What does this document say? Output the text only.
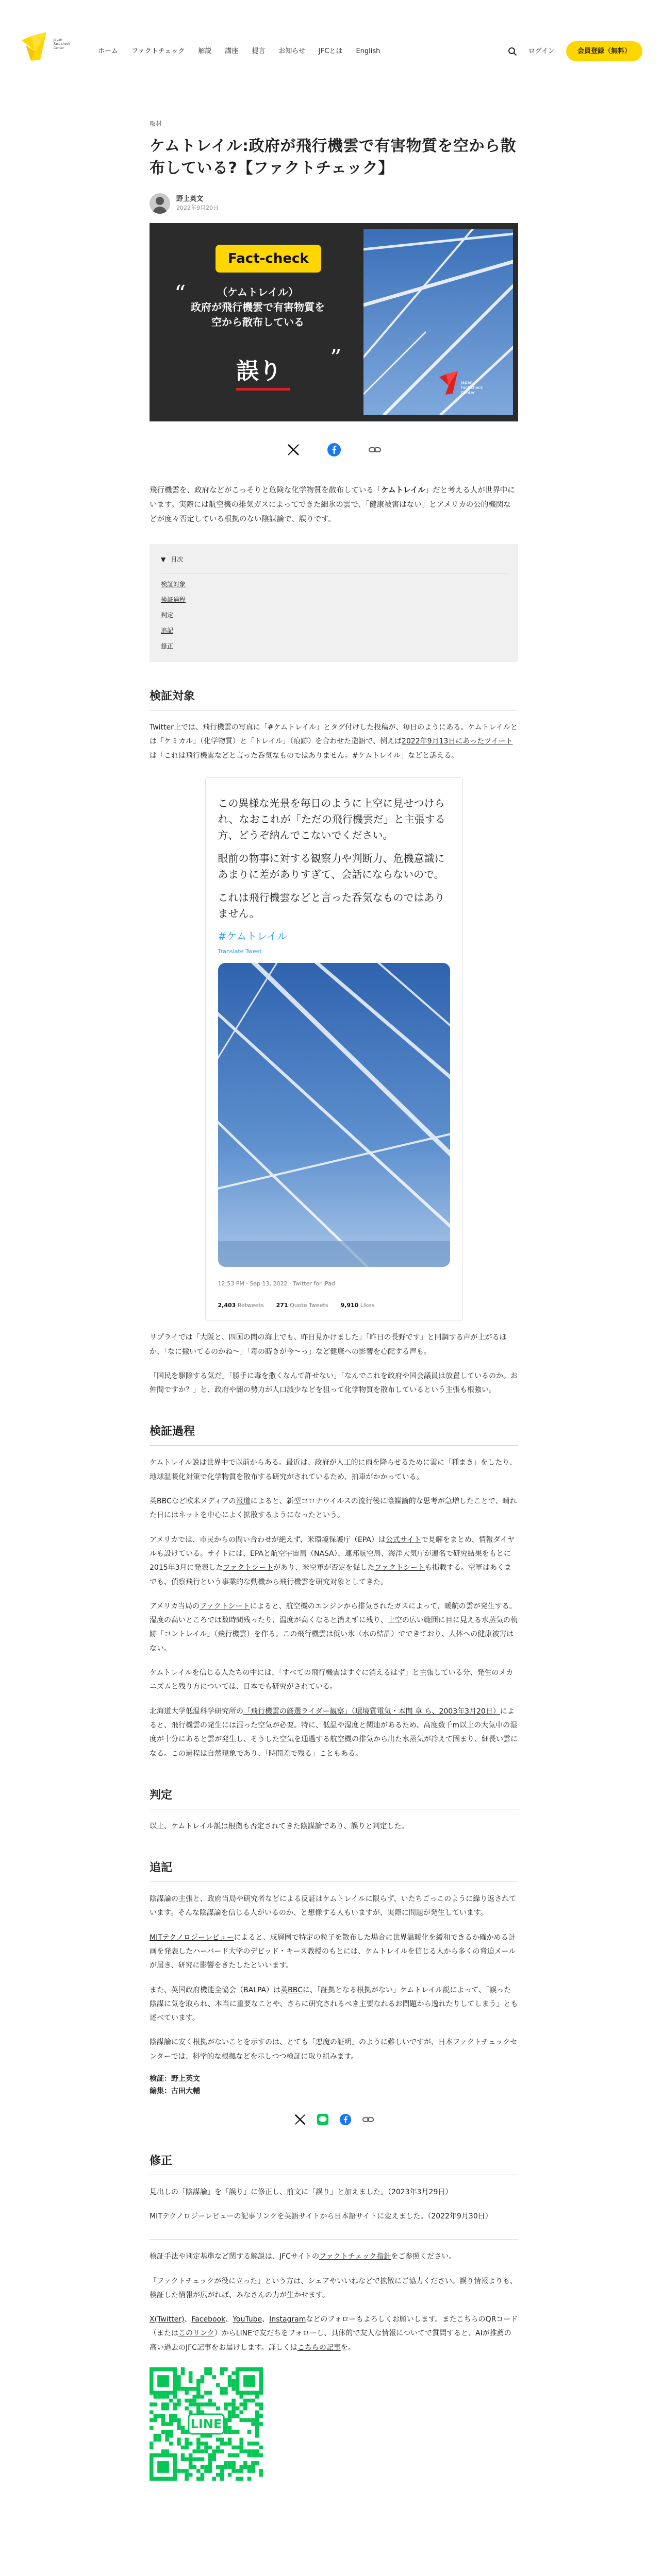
Japan
Fact-check
Center	ホーム ファクトチェック 解説 講座 提言 お知らせ JFCとは English	ログイン	会員登録（無料）
取材
ケムトレイル:政府が飛行機雲で有害物質を空から散布している?【ファクトチェック】
野上英文
2022年9月20日
Fact-check
“	（ケムトレイル）
政府が飛行機雲で有害物質を
空から散布している
”
誤り	Japan
Fact-check
Center

飛行機雲を、政府などがこっそりと危険な化学物質を散布している「ケムトレイル」だと考える人が世界中にいます。実際には航空機の排気ガスによってできた細氷の雲で、「健康被害はない」とアメリカの公的機関などが度々否定している根拠のない陰謀論で、誤りです。

▼ 目次
検証対象
検証過程
判定
追記
修正
検証対象

Twitter上では、飛行機雲の写真に「#ケムトレイル」とタグ付けした投稿が、毎日のようにある。ケムトレイルとは「ケミカル」（化学物質）と「トレイル」（痕跡）を合わせた造語で、例えば2022年9月13日にあったツイートは「これは飛行機雲などと言った呑気なものではありません。#ケムトレイル」などと訴える。

この異様な光景を毎日のように上空に見せつけられ、なおこれが「ただの飛行機雲だ」と主張する方、どうぞ納んでこないでください。

眼前の物事に対する観察力や判断力、危機意識にあまりに差がありすぎて、会話にならないので。

これは飛行機雲などと言った呑気なものではありません。

#ケムトレイル
Translate Tweet
12:53 PM · Sep 13, 2022 · Twitter for iPad
2,403 Retweets 271 Quote Tweets 9,910 Likes

リプライでは「大阪と、四国の間の海上でも、昨日見かけました」「昨日の長野です」と同調する声が上がるほか、「なに撒いてるのかね〜」「毒の蒔きが今〜っ」など健康への影響を心配する声も。

「国民を駆除する気だ」「勝手に毒を撒くなんて許せない」「なんでこれを政府や国会議員は放置しているのか。お仲間ですか？」と、政府や闇の勢力が人口減少などを狙って化学物質を散布しているという主張も根強い。

検証過程

ケムトレイル説は世界中で以前からある。最近は、政府が人工的に雨を降らせるために雲に「種まき」をしたり、地球温暖化対策で化学物質を散布する研究がされているため、拍車がかかっている。

英BBCなど欧米メディアの報道によると、新型コロナウイルスの流行後に陰謀論的な思考が急増したことで、晴れた日にはネットを中心によく拡散するようになったという。

アメリカでは、市民からの問い合わせが絶えず、米環境保護庁（EPA）は公式サイトで見解をまとめ、情報ダイヤルも設けている。サイトには、EPAと航空宇宙局（NASA）、連邦航空局、海洋大気庁が連名で研究結果をもとに2015年3月に発表したファクトシートがあり、米空軍が否定を促したファクトシートも掲載する。空軍はあくまでも、偵察飛行という事業的な動機から飛行機雲を研究対象としてきた。

アメリカ当局のファクトシートによると、航空機のエンジンから排気されたガスによって、暖航の雲が発生する。湿度の高いところでは数時間残ったり、温度が高くなると消えずに残り、上空の広い範囲に目に見える水蒸気の軌跡「コントレイル」（飛行機雲）を作る。この飛行機雲は低い氷（水の結晶）でできており、人体への健康被害はない。

ケムトレイルを信じる人たちの中には、「すべての飛行機雲はすぐに消えるはず」と主張している分、発生のメカニズムと残り方については、日本でも研究がされている。

北海道大学低温科学研究所の「飛行機雲の厳選ライダー観察」（環境質電気・本間 章 ら、2003年3月20日）によると、飛行機雲の発生には湿った空気が必要。特に、低温や湿度と関連があるため、高度数千m以上の大気中の湿度が十分にあると雲が発生し、そうした空気を通過する航空機の排気から出た水蒸気が冷えて固まり、細長い雲になる。この過程は自然現象であり、「時間差で残る」こともある。

判定

以上、ケムトレイル説は根拠も否定されてきた陰謀論であり、誤りと判定した。

追記

陰謀論の主張と、政府当局や研究者などによる反証はケムトレイルに限らず、いたちごっこのように繰り返されています。そんな陰謀論を信じる人がいるのか、と想像する人もいますが、実際に問題が発生しています。

MITテクノロジーレビューによると、成層圏で特定の粒子を散布した場合に世界温暖化を緩和できるか確かめる計画を発表したハーバード大学のデビッド・キース教授のもとには、ケムトレイルを信じる人から多くの脅迫メールが届き、研究に影響をきたしたといいます。

また、英国政府機能全協会（BALPA）は英BBCに、「証拠となる根拠がない」ケムトレイル説によって、「誤った陰謀に気を取られ、本当に重要なことや、さらに研究されるべき主要なれるお問題から逸れたりしてしまう」とも述べています。

陰謀論に安く根拠がないことを示すのは、とても「悪魔の証明」のように難しいですが、日本ファクトチェックセンターでは、科学的な根拠などを示しつつ検証に取り組みます。

検証：野上英文
編集：古田大輔
修正

見出しの「陰謀論」を「誤り」に修正し、前文に「誤り」と加えました。（2023年3月29日）

MITテクノロジーレビューの記事リンクを英語サイトから日本語サイトに変えました。（2022年9月30日）

検証手法や判定基準など関する解説は、JFCサイトのファクトチェック指針をご参照ください。

「ファクトチェックが役に立った」という方は、シェアやいいねなどで拡散にご協力ください。誤り情報よりも、検証した情報が広がれば、みなさんの力が生かせます。

X(Twitter)、Facebook、YouTube、Instagramなどのフォローもよろしくお願いします。またこちらのQRコード（またはこのリンク）からLINEで友だちをフォローし、具体的で友人な情報についてで質問すると、AIが推薦の高い過去のJFC記事をお届けします。詳しくはこちらの記事を。

LINE
